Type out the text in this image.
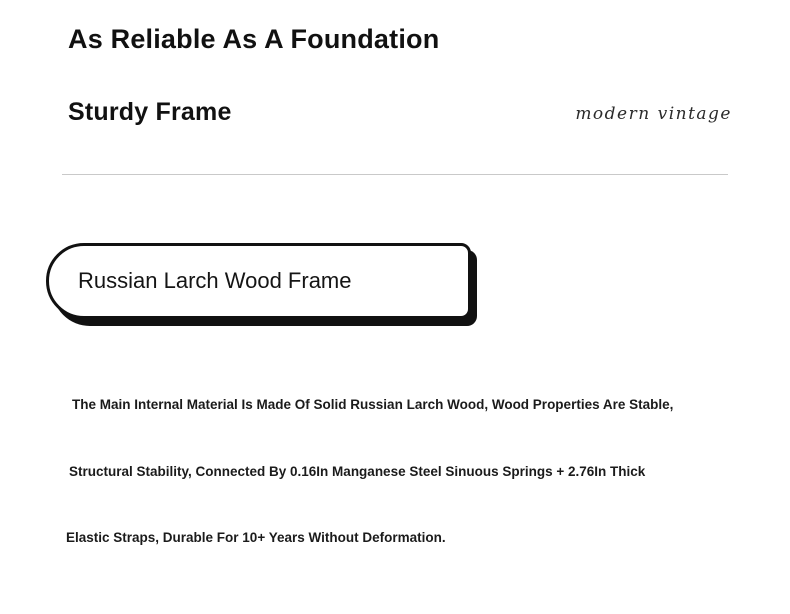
As Reliable As A Foundation
Sturdy Frame	modern vintage
Russian Larch Wood Frame
The Main Internal Material Is Made Of Solid Russian Larch Wood, Wood Properties Are Stable,
Structural Stability, Connected By 0.16In Manganese Steel Sinuous Springs + 2.76In Thick
Elastic Straps, Durable For 10+ Years Without Deformation.
